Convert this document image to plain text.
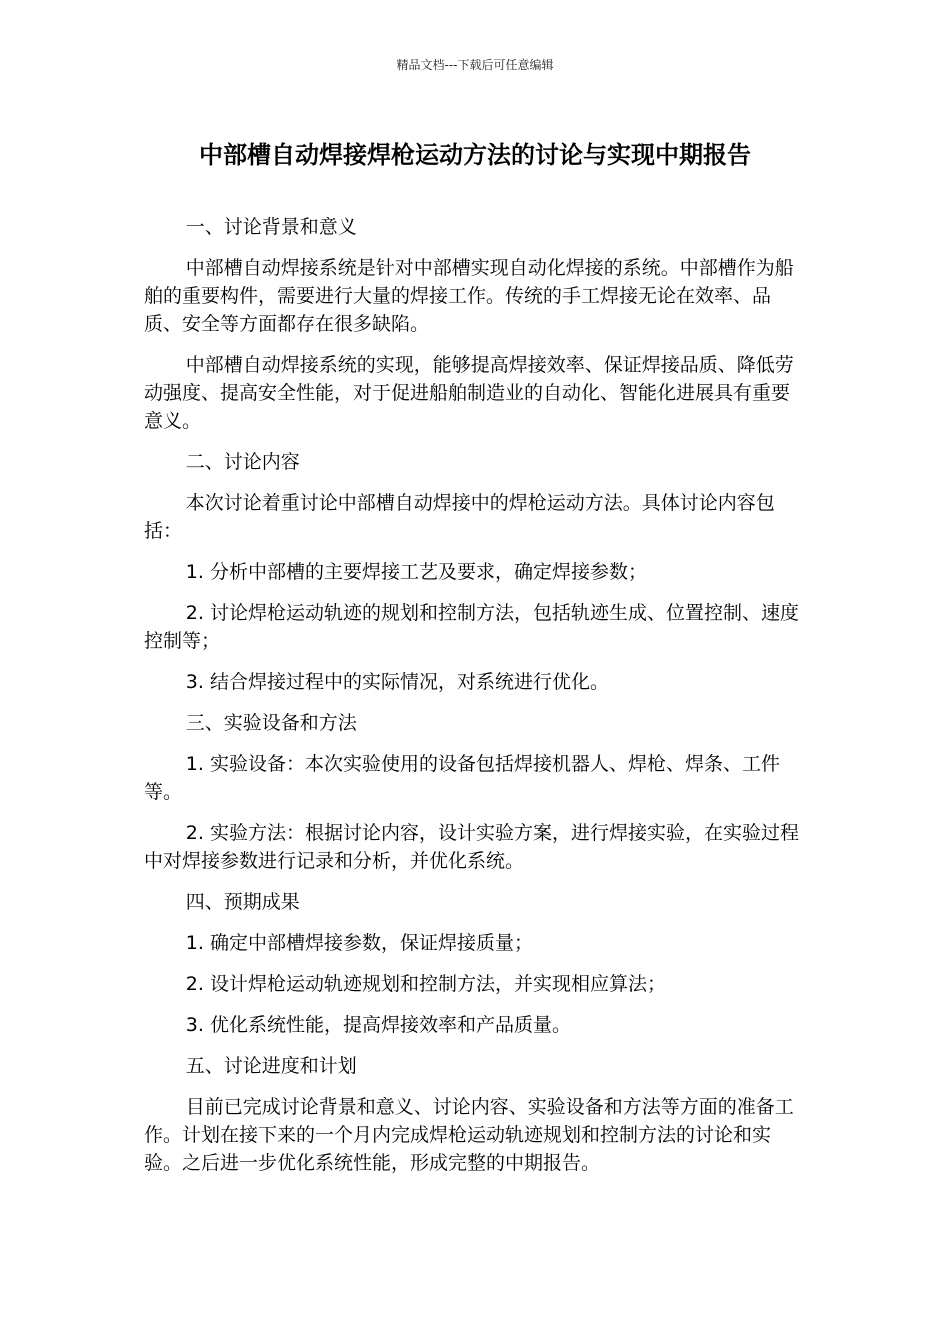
精品文档---下载后可任意编辑
中部槽自动焊接焊枪运动方法的讨论与实现中期报告

一、讨论背景和意义

中部槽自动焊接系统是针对中部槽实现自动化焊接的系统。中部槽作为船舶的重要构件，需要进行大量的焊接工作。传统的手工焊接无论在效率、品质、安全等方面都存在很多缺陷。

中部槽自动焊接系统的实现，能够提高焊接效率、保证焊接品质、降低劳动强度、提高安全性能，对于促进船舶制造业的自动化、智能化进展具有重要意义。

二、讨论内容

本次讨论着重讨论中部槽自动焊接中的焊枪运动方法。具体讨论内容包括：

1. 分析中部槽的主要焊接工艺及要求，确定焊接参数；

2. 讨论焊枪运动轨迹的规划和控制方法，包括轨迹生成、位置控制、速度控制等；

3. 结合焊接过程中的实际情况，对系统进行优化。

三、实验设备和方法

1. 实验设备：本次实验使用的设备包括焊接机器人、焊枪、焊条、工件等。

2. 实验方法：根据讨论内容，设计实验方案，进行焊接实验，在实验过程中对焊接参数进行记录和分析，并优化系统。

四、预期成果

1. 确定中部槽焊接参数，保证焊接质量；

2. 设计焊枪运动轨迹规划和控制方法，并实现相应算法；

3. 优化系统性能，提高焊接效率和产品质量。

五、讨论进度和计划

目前已完成讨论背景和意义、讨论内容、实验设备和方法等方面的准备工作。计划在接下来的一个月内完成焊枪运动轨迹规划和控制方法的讨论和实验。之后进一步优化系统性能，形成完整的中期报告。
